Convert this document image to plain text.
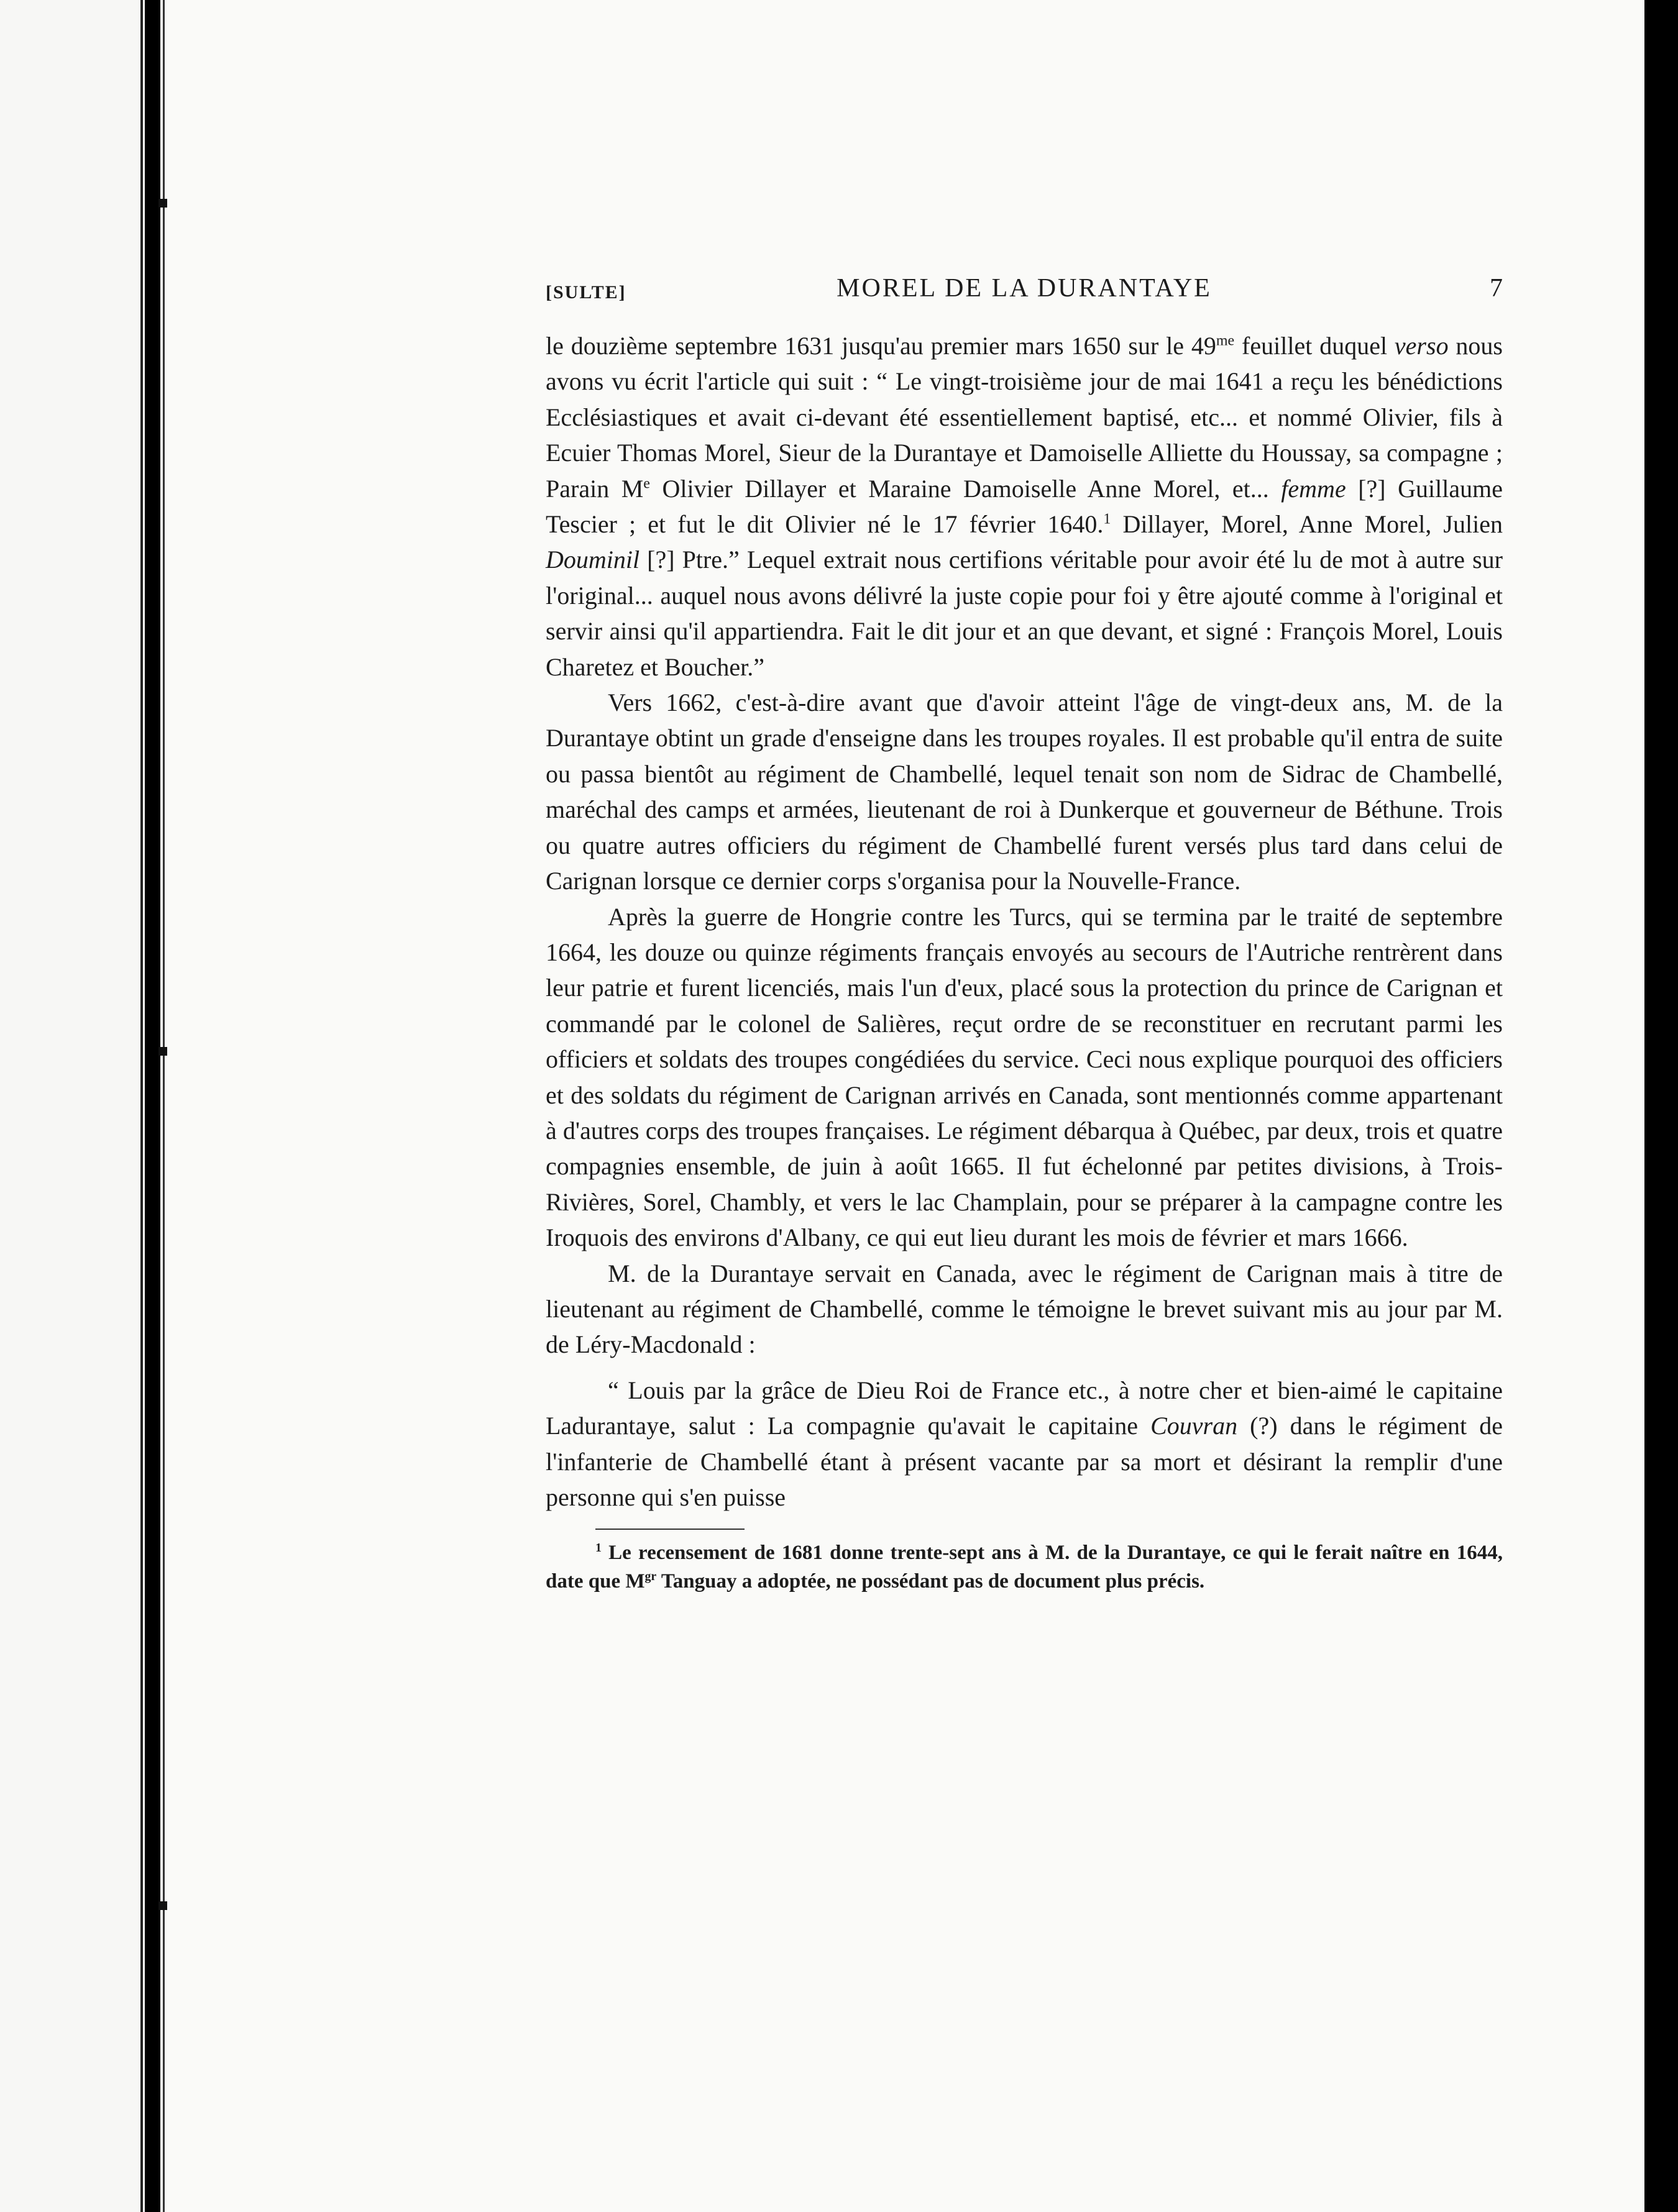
[SULTE]	MOREL DE LA DURANTAYE	7

le douzième septembre 1631 jusqu'au premier mars 1650 sur le $49^{me}$ feuillet duquel verso nous avons vu écrit l'article qui suit : “ Le vingt-troisième jour de mai 1641 a reçu les bénédictions Ecclésiastiques et avait ci-devant été essentiellement baptisé, etc... et nommé Olivier, fils à Ecuier Thomas Morel, Sieur de la Durantaye et Damoiselle Alliette du Houssay, sa compagne ; Parain Me Olivier Dillayer et Maraine Damoiselle Anne Morel, et... femme [?] Guillaume Tescier ; et fut le dit Olivier né le 17 février 1640.$^1$ Dillayer, Morel, Anne Morel, Julien Douminil [?] Ptre.” Lequel extrait nous certifions véritable pour avoir été lu de mot à autre sur l'original... auquel nous avons délivré la juste copie pour foi y être ajouté comme à l'original et servir ainsi qu'il appartiendra. Fait le dit jour et an que devant, et signé : François Morel, Louis Charetez et Boucher.”

Vers 1662, c'est-à-dire avant que d'avoir atteint l'âge de vingt-deux ans, M. de la Durantaye obtint un grade d'enseigne dans les troupes royales. Il est probable qu'il entra de suite ou passa bientôt au régiment de Chambellé, lequel tenait son nom de Sidrac de Chambellé, maréchal des camps et armées, lieutenant de roi à Dunkerque et gouverneur de Béthune. Trois ou quatre autres officiers du régiment de Chambellé furent versés plus tard dans celui de Carignan lorsque ce dernier corps s'organisa pour la Nouvelle-France.

Après la guerre de Hongrie contre les Turcs, qui se termina par le traité de septembre 1664, les douze ou quinze régiments français envoyés au secours de l'Autriche rentrèrent dans leur patrie et furent licenciés, mais l'un d'eux, placé sous la protection du prince de Carignan et commandé par le colonel de Salières, reçut ordre de se reconstituer en recrutant parmi les officiers et soldats des troupes congédiées du service. Ceci nous explique pourquoi des officiers et des soldats du régiment de Carignan arrivés en Canada, sont mentionnés comme appartenant à d'autres corps des troupes françaises. Le régiment débarqua à Québec, par deux, trois et quatre compagnies ensemble, de juin à août 1665. Il fut échelonné par petites divisions, à Trois-Rivières, Sorel, Chambly, et vers le lac Champlain, pour se préparer à la campagne contre les Iroquois des environs d'Albany, ce qui eut lieu durant les mois de février et mars 1666.

M. de la Durantaye servait en Canada, avec le régiment de Carignan mais à titre de lieutenant au régiment de Chambellé, comme le témoigne le brevet suivant mis au jour par M. de Léry-Macdonald :

“ Louis par la grâce de Dieu Roi de France etc., à notre cher et bien-aimé le capitaine Ladurantaye, salut : La compagnie qu'avait le capitaine Couvran (?) dans le régiment de l'infanterie de Chambellé étant à présent vacante par sa mort et désirant la remplir d'une personne qui s'en puisse

$^1$ Le recensement de 1681 donne trente-sept ans à M. de la Durantaye, ce qui le ferait naître en 1644, date que $M^{gr}$ Tanguay a adoptée, ne possédant pas de document plus précis.
